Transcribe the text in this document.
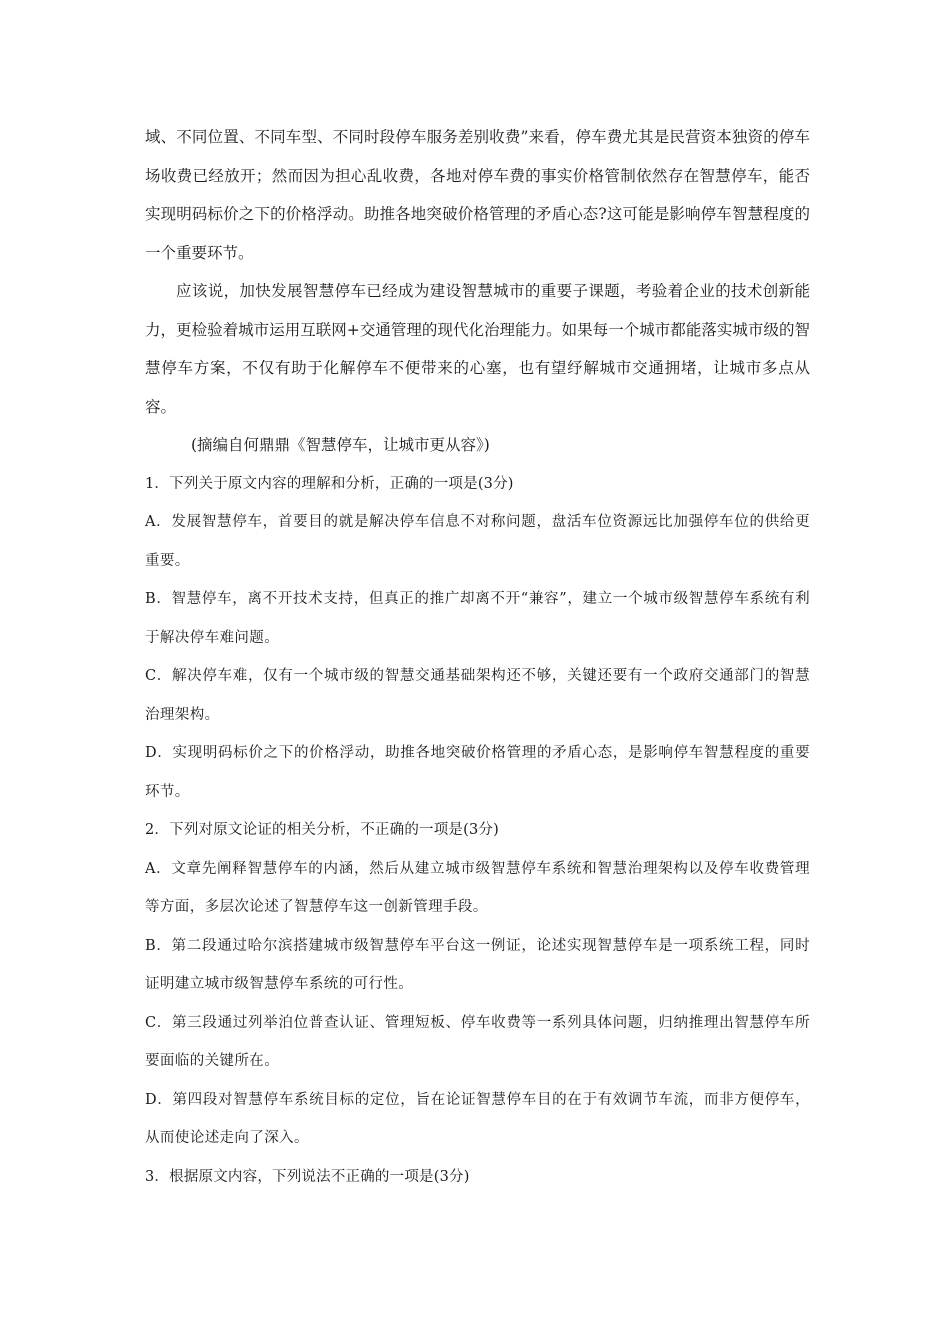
域、不同位置、不同车型、不同时段停车服务差别收费”来看，停车费尤其是民营资本独资的停车场收费已经放开；然而因为担心乱收费，各地对停车费的事实价格管制依然存在智慧停车，能否实现明码标价之下的价格浮动。助推各地突破价格管理的矛盾心态?这可能是影响停车智慧程度的一个重要环节。

应该说，加快发展智慧停车已经成为建设智慧城市的重要子课题，考验着企业的技术创新能力，更检验着城市运用互联网+交通管理的现代化治理能力。如果每一个城市都能落实城市级的智慧停车方案，不仅有助于化解停车不便带来的心塞，也有望纾解城市交通拥堵，让城市多点从容。

(摘编自何鼎鼎《智慧停车，让城市更从容》)

1．下列关于原文内容的理解和分析，正确的一项是(3分)

A．发展智慧停车，首要目的就是解决停车信息不对称问题，盘活车位资源远比加强停车位的供给更重要。

B．智慧停车，离不开技术支持，但真正的推广却离不开“兼容”，建立一个城市级智慧停车系统有利于解决停车难问题。

C．解决停车难，仅有一个城市级的智慧交通基础架构还不够，关键还要有一个政府交通部门的智慧治理架构。

D．实现明码标价之下的价格浮动，助推各地突破价格管理的矛盾心态，是影响停车智慧程度的重要环节。

2．下列对原文论证的相关分析，不正确的一项是(3分)

A．文章先阐释智慧停车的内涵，然后从建立城市级智慧停车系统和智慧治理架构以及停车收费管理等方面，多层次论述了智慧停车这一创新管理手段。

B．第二段通过哈尔滨搭建城市级智慧停车平台这一例证，论述实现智慧停车是一项系统工程，同时证明建立城市级智慧停车系统的可行性。

C．第三段通过列举泊位普查认证、管理短板、停车收费等一系列具体问题，归纳推理出智慧停车所要面临的关键所在。

D．第四段对智慧停车系统目标的定位，旨在论证智慧停车目的在于有效调节车流，而非方便停车，从而使论述走向了深入。

3．根据原文内容，下列说法不正确的一项是(3分)
